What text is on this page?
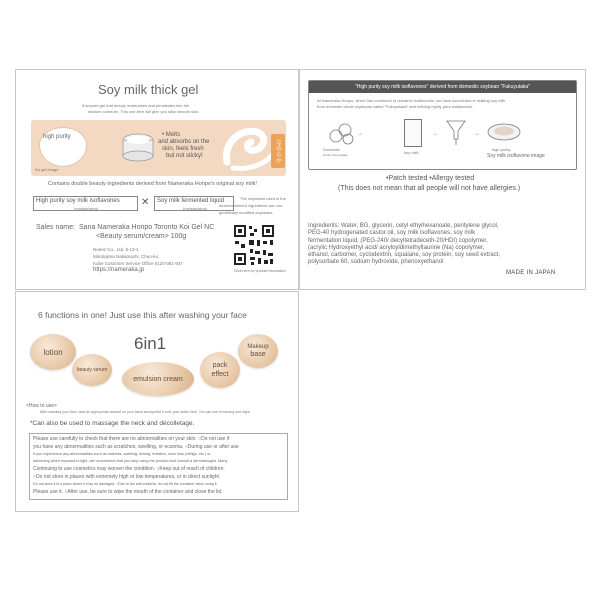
Soy milk thick gel
A smooth gel that deeply moisturizes and penetrates into the
stratum corneum. This one item will give you silky smooth skin.
high purity
It's gel image
• Melts
and absorbs on the
skin, feels fresh
but not sticky!	なめらか
Contains double beauty ingredients derived from Nameraka Honpo's original soy milk!
High purity soy milk isoflavones
(moisturizing)
✕ Soy milk fermented liquid
(moisturizing)
The soybeans used in the
aforementioned ingredients are non-
genetically modified soybeans.
Sales name: Sana Nameraka Honpo Toronto Koi Gel NC
<Beauty serum/cream> 100g
Noevir Co., Ltd. 6-13-1
Minatojima Nakamachi, Chuo-ku,
Kobe Customer Service Office 0120-081-937
https://nameraka.jp	Click here for product information
"High purity soy milk isoflavones" derived from domestic soybean "Fukuyutaka"
At Nameraka Honpo, which has continued to research isoflavones, we have succeeded in making soy milk
from domestic whole soybeans called "Fukuyutaka" and refining highly pure isoflavones.
→
Domestic
whole Fukuyutaka	soy milk
→	→
high purity
Soy milk isoflavone image
•Patch tested •Allergy tested
(This does not mean that all people will not have allergies.)
Ingredients: Water, BG, glycerin, cetyl ethylhexanoate, pentylene glycol, PEG-40 hydrogenated castor oil, soy milk isoflavones, soy milk fermentation liquid, (PEG-240/ decyltetradeceth-20/HDI) copolymer, (acrylic Hydroxyethyl acid/ acryloyldimethyltaurine (Na) copolymer, ethanol, carbomer, cyclodextrin, squalane, soy protein, soy seed extract, polysorbate 60, sodium hydroxide, phenoxyethanol
MADE IN JAPAN
6 functions in one! Just use this after washing your face
lotion
beauty serum
6in1
emulsion cream
pack
effect
Makeup
base
<How to use>
After washing your face, take an appropriate amount on your hand and spread it over your entire face. You can use it morning and night.
*Can also be used to massage the neck and décolletage.
Please use carefully to check that there are no abnormalities on your skin. ○Do not use if
you have any abnormalities such as scratches, swelling, or eczema. ○During use or after use
If you experience any abnormalities such as redness, swelling, itching, irritation, color loss (vitiligo, etc.) or
darkening when exposed to light, we recommend that you stop using the product and consult a dermatologist. Many
Continuing to use cosmetics may worsen the condition. ○Keep out of reach of children.
○Do not store in places with extremely high or low temperatures, or in direct sunlight.
Do not store it in a place where it may be damaged. ○Due to the soft contents, do not tilt the container when using it.
Please use it. ○After use, be sure to wipe the mouth of the container and close the lid.
